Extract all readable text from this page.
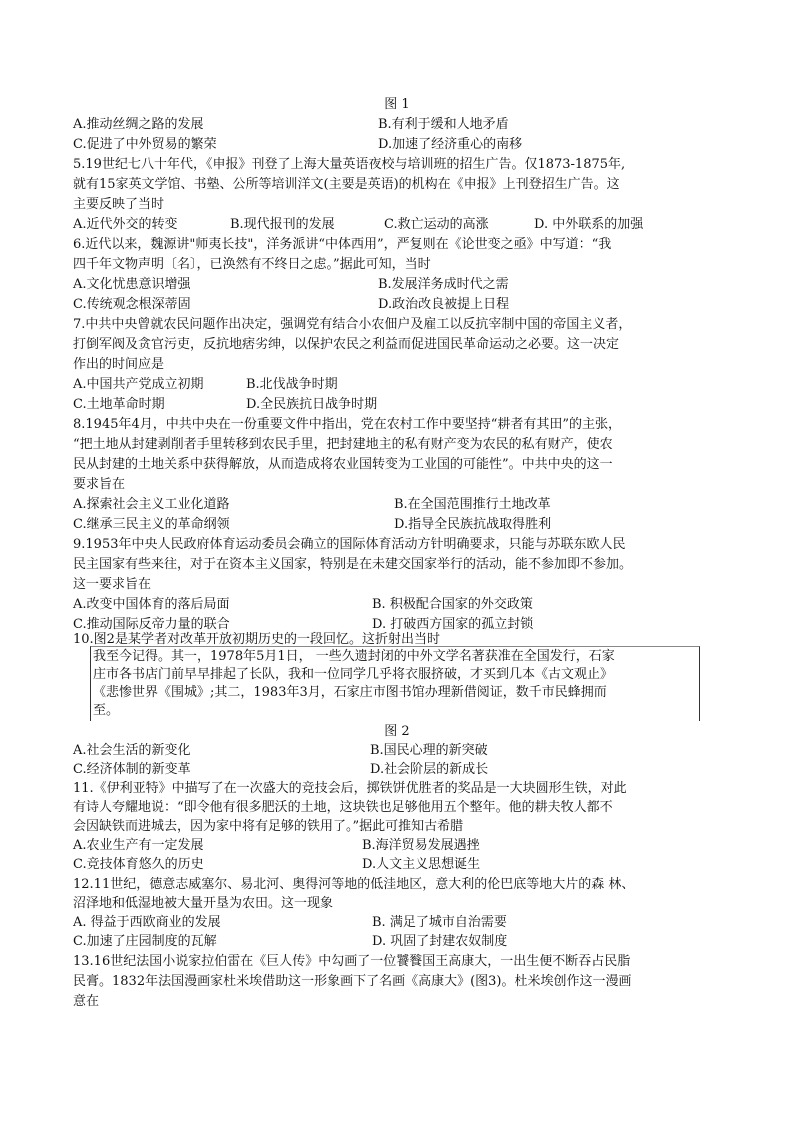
图 1
A.推动丝绸之路的发展	B.有利于缓和人地矛盾
C.促进了中外贸易的繁荣	D.加速了经济重心的南移
5.19世纪七八十年代，《申报》刊登了上海大量英语夜校与培训班的招生广告。仅1873-1875年,
就有15家英文学馆、书塾、公所等培训洋文(主要是英语)的机构在《申报》上刊登招生广告。这
主要反映了当时
A.近代外交的转变	B.现代报刊的发展	C.救亡运动的高涨	D. 中外联系的加强
6.近代以来，魏源讲"师夷长技"，洋务派讲“中体西用”，严复则在《论世变之亟》中写道：“我
四千年文物声明〔名〕，已涣然有不终日之虑。”据此可知，当时
A.文化忧患意识增强	B.发展洋务成时代之需
C.传统观念根深蒂固	D.政治改良被提上日程
7.中共中央曾就农民问题作出决定，强调党有结合小农佃户及雇工以反抗宰制中国的帝国主义者，
打倒军阀及贪官污吏，反抗地痞劣绅，以保护农民之利益而促进国民革命运动之必要。这一决定
作出的时间应是
A.中国共产党成立初期	B.北伐战争时期
C.土地革命时期	D.全民族抗日战争时期
8.1945年4月，中共中央在一份重要文件中指出，党在农村工作中要坚持“耕者有其田”的主张，
“把土地从封建剥削者手里转移到农民手里，把封建地主的私有财产变为农民的私有财产，使农
民从封建的土地关系中获得解放，从而造成将农业国转变为工业国的可能性”。中共中央的这一
要求旨在
A.探索社会主义工业化道路	B.在全国范围推行土地改革
C.继承三民主义的革命纲领	D.指导全民族抗战取得胜利
9.1953年中央人民政府体育运动委员会确立的国际体育活动方针明确要求，只能与苏联东欧人民
民主国家有些来往，对于在资本主义国家，特别是在未建交国家举行的活动，能不参加即不参加。
这一要求旨在
A.改变中国体育的落后局面	B. 积极配合国家的外交政策
C.推动国际反帝力量的联合	D. 打破西方国家的孤立封锁
10.图2是某学者对改革开放初期历史的一段回忆。这折射出当时
我至今记得。其一，1978年5月1日， 一些久遗封闭的中外文学名著获准在全国发行，石家
庄市各书店门前早早排起了长队，我和一位同学几乎将衣服挤破，才买到几本《古文观止》
《悲惨世界《围城》;其二，1983年3月，石家庄市图书馆办理新借阅证，数千市民蜂拥而
至。
图 2
A.社会生活的新变化	B.国民心理的新突破
C.经济体制的新变革	D.社会阶层的新成长
11.《伊利亚特》中描写了在一次盛大的竞技会后，掷铁饼优胜者的奖品是一大块圆形生铁，对此
有诗人夸耀地说：“即令他有很多肥沃的土地，这块铁也足够他用五个整年。他的耕夫牧人都不
会因缺铁而进城去，因为家中将有足够的铁用了。”据此可推知古希腊
A.农业生产有一定发展	B.海洋贸易发展遇挫
C.竞技体育悠久的历史	D.人文主义思想诞生
12.11世纪，德意志威塞尔、易北河、奥得河等地的低洼地区，意大利的伦巴底等地大片的森 林、
沼泽地和低湿地被大量开垦为农田。这一现象
A. 得益于西欧商业的发展	B. 满足了城市自治需要
C.加速了庄园制度的瓦解	D. 巩固了封建农奴制度
13.16世纪法国小说家拉伯雷在《巨人传》中勾画了一位饕餮国王高康大，一出生便不断吞占民脂
民膏。1832年法国漫画家杜米埃借助这一形象画下了名画《高康大》(图3)。杜米埃创作这一漫画
意在
